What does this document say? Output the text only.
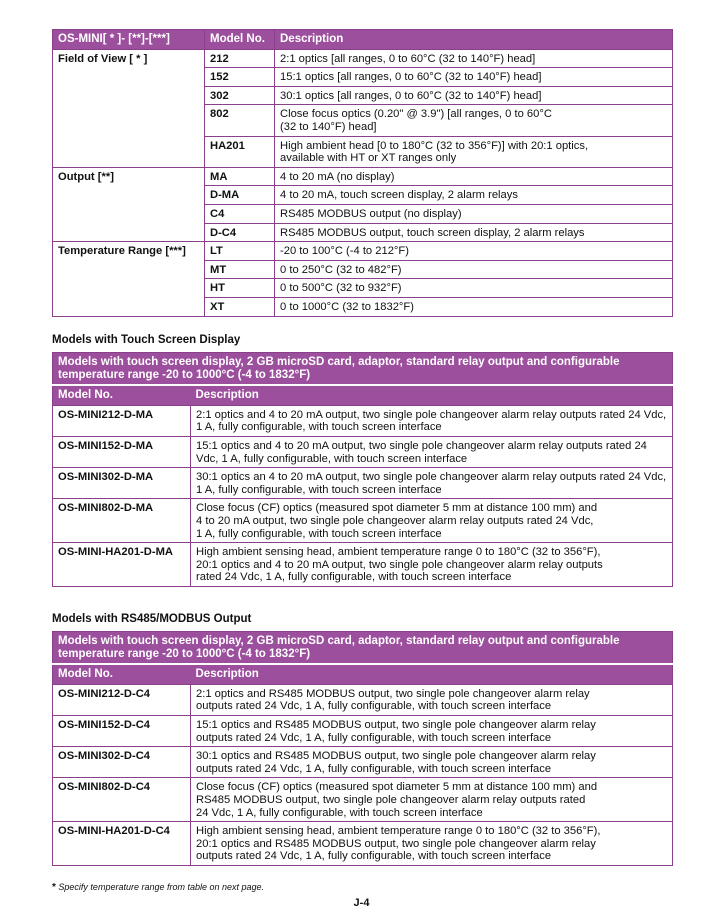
OS-MINI[ * ]- [**]-[***]	Model No.	Description
Field of View [ * ]	212	2:1 optics [all ranges, 0 to 60°C (32 to 140°F) head]
	152	15:1 optics [all ranges, 0 to 60°C (32 to 140°F) head]
	302	30:1 optics [all ranges, 0 to 60°C (32 to 140°F) head]
	802	Close focus optics (0.20" @ 3.9") [all ranges, 0 to 60°C
(32 to 140°F) head]
	HA201	High ambient head [0 to 180°C (32 to 356°F)] with 20:1 optics,
available with HT or XT ranges only
Output [**]	MA	4 to 20 mA (no display)
	D-MA	4 to 20 mA, touch screen display, 2 alarm relays
	C4	RS485 MODBUS output (no display)
	D-C4	RS485 MODBUS output, touch screen display, 2 alarm relays
Temperature Range [***]	LT	-20 to 100°C (-4 to 212°F)
	MT	0 to 250°C (32 to 482°F)
	HT	0 to 500°C (32 to 932°F)
	XT	0 to 1000°C (32 to 1832°F)
Models with Touch Screen Display
Models with touch screen display, 2 GB microSD card, adaptor, standard relay output and configurable temperature range -20 to 1000°C (-4 to 1832°F)	
Model No.	Description
OS-MINI212-D-MA	2:1 optics and 4 to 20 mA output, two single pole changeover alarm relay outputs rated 24 Vdc, 1 A, fully configurable, with touch screen interface
OS-MINI152-D-MA	15:1 optics and 4 to 20 mA output, two single pole changeover alarm relay outputs rated 24 Vdc, 1 A, fully configurable, with touch screen interface
OS-MINI302-D-MA	30:1 optics an 4 to 20 mA output, two single pole changeover alarm relay outputs rated 24 Vdc, 1 A, fully configurable, with touch screen interface
OS-MINI802-D-MA	Close focus (CF) optics (measured spot diameter 5 mm at distance 100 mm) and
4 to 20 mA output, two single pole changeover alarm relay outputs rated 24 Vdc,
1 A, fully configurable, with touch screen interface
OS-MINI-HA201-D-MA	High ambient sensing head, ambient temperature range 0 to 180°C (32 to 356°F),
20:1 optics and 4 to 20 mA output, two single pole changeover alarm relay outputs
rated 24 Vdc, 1 A, fully configurable, with touch screen interface
Models with RS485/MODBUS Output
Models with touch screen display, 2 GB microSD card, adaptor, standard relay output and configurable temperature range -20 to 1000°C (-4 to 1832°F)	
Model No.	Description
OS-MINI212-D-C4	2:1 optics and RS485 MODBUS output, two single pole changeover alarm relay
outputs rated 24 Vdc, 1 A, fully configurable, with touch screen interface
OS-MINI152-D-C4	15:1 optics and RS485 MODBUS output, two single pole changeover alarm relay
outputs rated 24 Vdc, 1 A, fully configurable, with touch screen interface
OS-MINI302-D-C4	30:1 optics and RS485 MODBUS output, two single pole changeover alarm relay
outputs rated 24 Vdc, 1 A, fully configurable, with touch screen interface
OS-MINI802-D-C4	Close focus (CF) optics (measured spot diameter 5 mm at distance 100 mm) and
RS485 MODBUS output, two single pole changeover alarm relay outputs rated
24 Vdc, 1 A, fully configurable, with touch screen interface
OS-MINI-HA201-D-C4	High ambient sensing head, ambient temperature range 0 to 180°C (32 to 356°F),
20:1 optics and RS485 MODBUS output, two single pole changeover alarm relay
outputs rated 24 Vdc, 1 A, fully configurable, with touch screen interface
* Specify temperature range from table on next page.
J-4
